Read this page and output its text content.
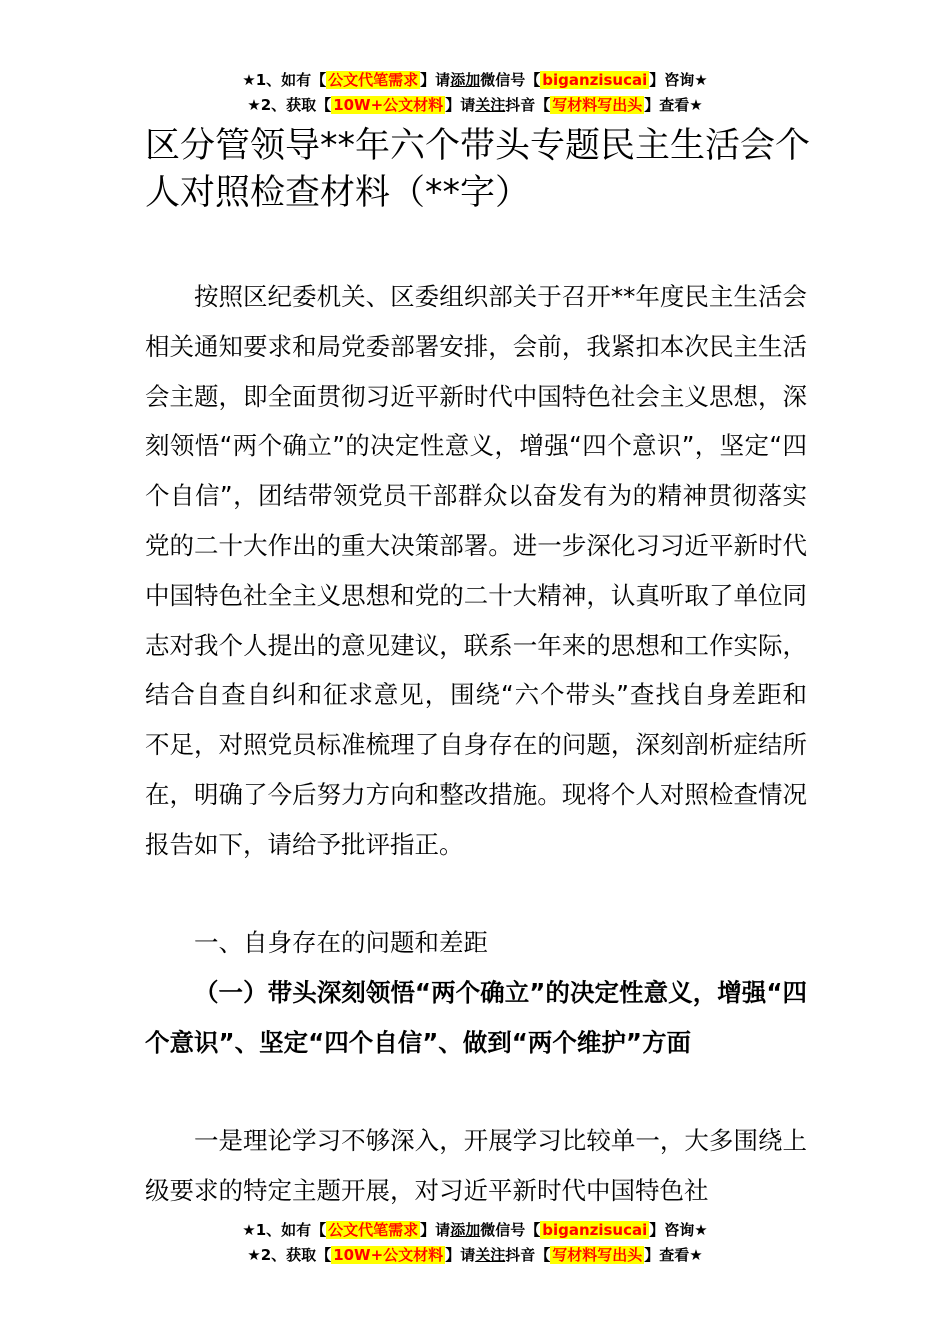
★1、如有【 公文代笔需求 】请添加微信号【 biganzisucai 】咨询★
★2、获取【 10W+公文材料 】请关注抖音【 写材料写出头 】查看★
区分管领导**年六个带头专题民主生活会个人对照检查材料（**字）

按照区纪委机关、区委组织部关于召开**年度民主生活会相关通知要求和局党委部署安排，会前，我紧扣本次民主生活会主题，即全面贯彻习近平新时代中国特色社会主义思想，深刻领悟“两个确立”的决定性意义，增强“四个意识”，坚定“四个自信”，团结带领党员干部群众以奋发有为的精神贯彻落实党的二十大作出的重大决策部署。进一步深化习习近平新时代中国特色社全主义思想和党的二十大精神，认真听取了单位同志对我个人提出的意见建议，联系一年来的思想和工作实际，结合自查自纠和征求意见，围绕“六个带头”查找自身差距和不足，对照党员标准梳理了自身存在的问题，深刻剖析症结所在，明确了今后努力方向和整改措施。现将个人对照检查情况报告如下，请给予批评指正。

一、自身存在的问题和差距

（一）带头深刻领悟“两个确立”的决定性意义，增强“四个意识”、坚定“四个自信”、做到“两个维护”方面

一是理论学习不够深入，开展学习比较单一，大多围绕上级要求的特定主题开展，对习近平新时代中国特色社

★1、如有【 公文代笔需求 】请添加微信号【 biganzisucai 】咨询★
★2、获取【 10W+公文材料 】请关注抖音【 写材料写出头 】查看★
